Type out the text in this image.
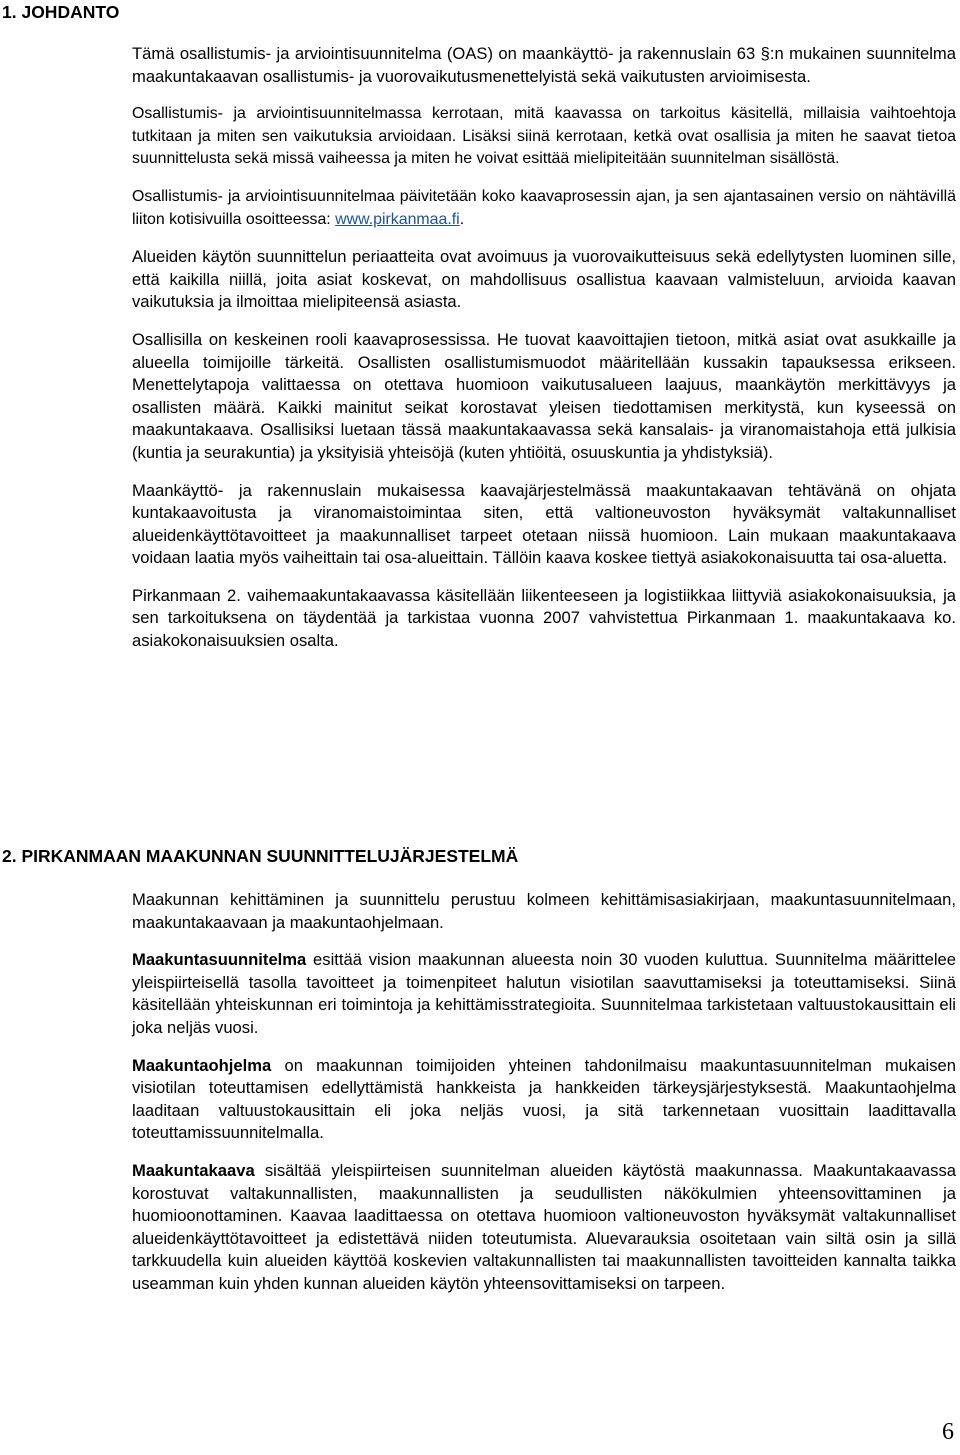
1. JOHDANTO

Tämä osallistumis- ja arviointisuunnitelma (OAS) on maankäyttö- ja rakennuslain 63 §:n mukainen suunnitelma maakuntakaavan osallistumis- ja vuorovaikutusmenettelyistä sekä vaikutusten arvioimisesta.

Osallistumis- ja arviointisuunnitelmassa kerrotaan, mitä kaavassa on tarkoitus käsitellä, millaisia vaihtoehtoja tutkitaan ja miten sen vaikutuksia arvioidaan. Lisäksi siinä kerrotaan, ketkä ovat osallisia ja miten he saavat tietoa suunnittelusta sekä missä vaiheessa ja miten he voivat esittää mielipiteitään suunnitelman sisällöstä.

Osallistumis- ja arviointisuunnitelmaa päivitetään koko kaavaprosessin ajan, ja sen ajantasainen versio on nähtävillä liiton kotisivuilla osoitteessa: www.pirkanmaa.fi.

Alueiden käytön suunnittelun periaatteita ovat avoimuus ja vuorovaikutteisuus sekä edellytysten luominen sille, että kaikilla niillä, joita asiat koskevat, on mahdollisuus osallistua kaavaan valmisteluun, arvioida kaavan vaikutuksia ja ilmoittaa mielipiteensä asiasta.

Osallisilla on keskeinen rooli kaavaprosessissa. He tuovat kaavoittajien tietoon, mitkä asiat ovat asukkaille ja alueella toimijoille tärkeitä. Osallisten osallistumismuodot määritellään kussakin tapauksessa erikseen. Menettelytapoja valittaessa on otettava huomioon vaikutusalueen laajuus, maankäytön merkittävyys ja osallisten määrä. Kaikki mainitut seikat korostavat yleisen tiedottamisen merkitystä, kun kyseessä on maakuntakaava. Osallisiksi luetaan tässä maakuntakaavassa sekä kansalais- ja viranomaistahoja että julkisia (kuntia ja seurakuntia) ja yksityisiä yhteisöjä (kuten yhtiöitä, osuuskuntia ja yhdistyksiä).

Maankäyttö- ja rakennuslain mukaisessa kaavajärjestelmässä maakuntakaavan tehtävänä on ohjata kuntakaavoitusta ja viranomaistoimintaa siten, että valtioneuvoston hyväksymät valtakunnalliset alueidenkäyttötavoitteet ja maakunnalliset tarpeet otetaan niissä huomioon. Lain mukaan maakuntakaava voidaan laatia myös vaiheittain tai osa-alueittain. Tällöin kaava koskee tiettyä asiakokonaisuutta tai osa-aluetta.

Pirkanmaan 2. vaihemaakuntakaavassa käsitellään liikenteeseen ja logistiikkaa liittyviä asiakokonaisuuksia, ja sen tarkoituksena on täydentää ja tarkistaa vuonna 2007 vahvistettua Pirkanmaan 1. maakuntakaava ko. asiakokonaisuuksien osalta.

2. PIRKANMAAN MAAKUNNAN SUUNNITTELUJÄRJESTELMÄ

Maakunnan kehittäminen ja suunnittelu perustuu kolmeen kehittämisasiakirjaan, maakuntasuunnitelmaan, maakuntakaavaan ja maakuntaohjelmaan.

Maakuntasuunnitelma esittää vision maakunnan alueesta noin 30 vuoden kuluttua. Suunnitelma määrittelee yleispiirteisellä tasolla tavoitteet ja toimenpiteet halutun visiotilan saavuttamiseksi ja toteuttamiseksi. Siinä käsitellään yhteiskunnan eri toimintoja ja kehittämisstrategioita. Suunnitelmaa tarkistetaan valtuustokausittain eli joka neljäs vuosi.

Maakuntaohjelma on maakunnan toimijoiden yhteinen tahdonilmaisu maakuntasuunnitelman mukaisen visiotilan toteuttamisen edellyttämistä hankkeista ja hankkeiden tärkeysjärjestyksestä. Maakuntaohjelma laaditaan valtuustokausittain eli joka neljäs vuosi, ja sitä tarkennetaan vuosittain laadittavalla toteuttamissuunnitelmalla.

Maakuntakaava sisältää yleispiirteisen suunnitelman alueiden käytöstä maakunnassa. Maakuntakaavassa korostuvat valtakunnallisten, maakunnallisten ja seudullisten näkökulmien yhteensovittaminen ja huomioonottaminen. Kaavaa laadittaessa on otettava huomioon valtioneuvoston hyväksymät valtakunnalliset alueidenkäyttötavoitteet ja edistettävä niiden toteutumista. Aluevarauksia osoitetaan vain siltä osin ja sillä tarkkuudella kuin alueiden käyttöä koskevien valtakunnallisten tai maakunnallisten tavoitteiden kannalta taikka useamman kuin yhden kunnan alueiden käytön yhteensovittamiseksi on tarpeen.

6
